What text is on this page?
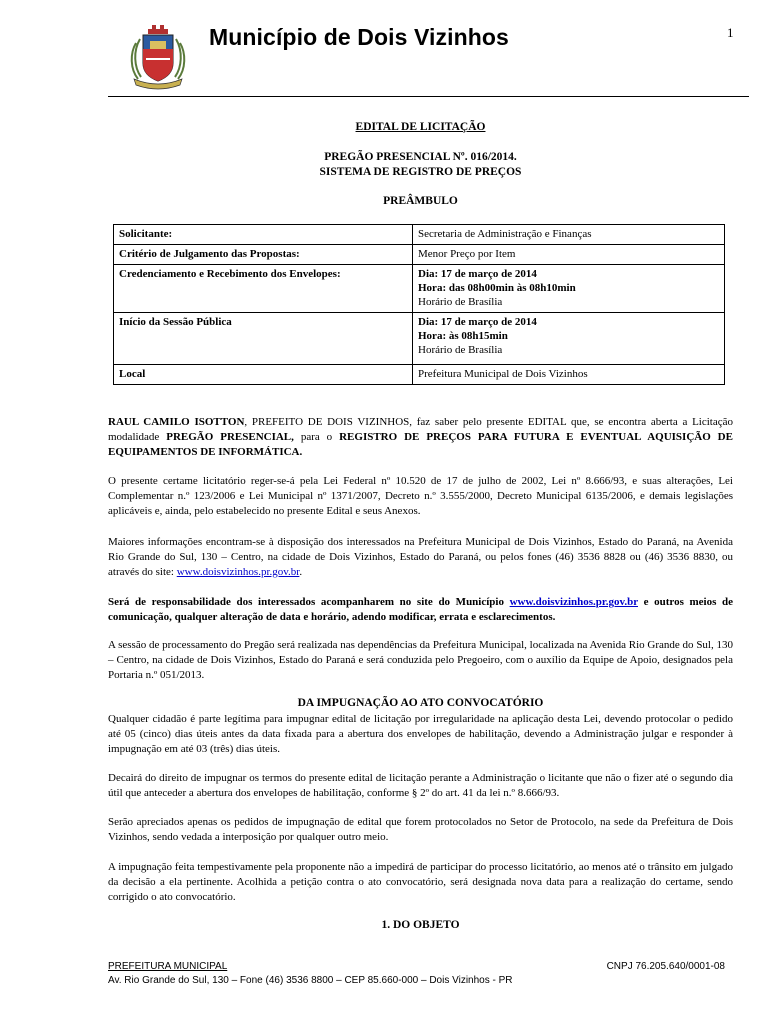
Município de Dois Vizinhos	1
EDITAL DE LICITAÇÃO
PREGÃO PRESENCIAL Nº. 016/2014.
SISTEMA DE REGISTRO DE PREÇOS
PREÂMBULO
Solicitante:	Secretaria de Administração e Finanças
Critério de Julgamento das Propostas:	Menor Preço por Item
Credenciamento e Recebimento dos Envelopes:	Dia: 17 de março de 2014
Hora: das 08h00min às 08h10min
Horário de Brasília

Início da Sessão Pública	Dia: 17 de março de 2014
Hora: às 08h15min
Horário de Brasília

Local	Prefeitura Municipal de Dois Vizinhos
RAUL CAMILO ISOTTON, PREFEITO DE DOIS VIZINHOS, faz saber pelo presente EDITAL que, se encontra aberta a Licitação modalidade PREGÃO PRESENCIAL, para o REGISTRO DE PREÇOS PARA FUTURA E EVENTUAL AQUISIÇÃO DE EQUIPAMENTOS DE INFORMÁTICA.
O presente certame licitatório reger-se-á pela Lei Federal nº 10.520 de 17 de julho de 2002, Lei nº 8.666/93, e suas alterações, Lei Complementar n.º 123/2006 e Lei Municipal nº 1371/2007, Decreto n.º 3.555/2000, Decreto Municipal 6135/2006, e demais legislações aplicáveis e, ainda, pelo estabelecido no presente Edital e seus Anexos.
Maiores informações encontram-se à disposição dos interessados na Prefeitura Municipal de Dois Vizinhos, Estado do Paraná, na Avenida Rio Grande do Sul, 130 – Centro, na cidade de Dois Vizinhos, Estado do Paraná, ou pelos fones (46) 3536 8828 ou (46) 3536 8830, ou através do site: www.doisvizinhos.pr.gov.br.
Será de responsabilidade dos interessados acompanharem no site do Município www.doisvizinhos.pr.gov.br e outros meios de comunicação, qualquer alteração de data e horário, adendo modificar, errata e esclarecimentos.
A sessão de processamento do Pregão será realizada nas dependências da Prefeitura Municipal, localizada na Avenida Rio Grande do Sul, 130 – Centro, na cidade de Dois Vizinhos, Estado do Paraná e será conduzida pelo Pregoeiro, com o auxílio da Equipe de Apoio, designados pela Portaria n.º 051/2013.
DA IMPUGNAÇÃO AO ATO CONVOCATÓRIO
Qualquer cidadão é parte legítima para impugnar edital de licitação por irregularidade na aplicação desta Lei, devendo protocolar o pedido até 05 (cinco) dias úteis antes da data fixada para a abertura dos envelopes de habilitação, devendo a Administração julgar e responder à impugnação em até 03 (três) dias úteis.
Decairá do direito de impugnar os termos do presente edital de licitação perante a Administração o licitante que não o fizer até o segundo dia útil que anteceder a abertura dos envelopes de habilitação, conforme § 2º do art. 41 da lei n.º 8.666/93.
Serão apreciados apenas os pedidos de impugnação de edital que forem protocolados no Setor de Protocolo, na sede da Prefeitura de Dois Vizinhos, sendo vedada a interposição por qualquer outro meio.
A impugnação feita tempestivamente pela proponente não a impedirá de participar do processo licitatório, ao menos até o trânsito em julgado da decisão a ela pertinente. Acolhida a petição contra o ato convocatório, será designada nova data para a realização do certame, sendo corrigido o ato convocatório.
1. DO OBJETO
PREFEITURA MUNICIPAL	CNPJ 76.205.640/0001-08
Av. Rio Grande do Sul, 130 – Fone (46) 3536 8800 – CEP 85.660-000 – Dois Vizinhos - PR
